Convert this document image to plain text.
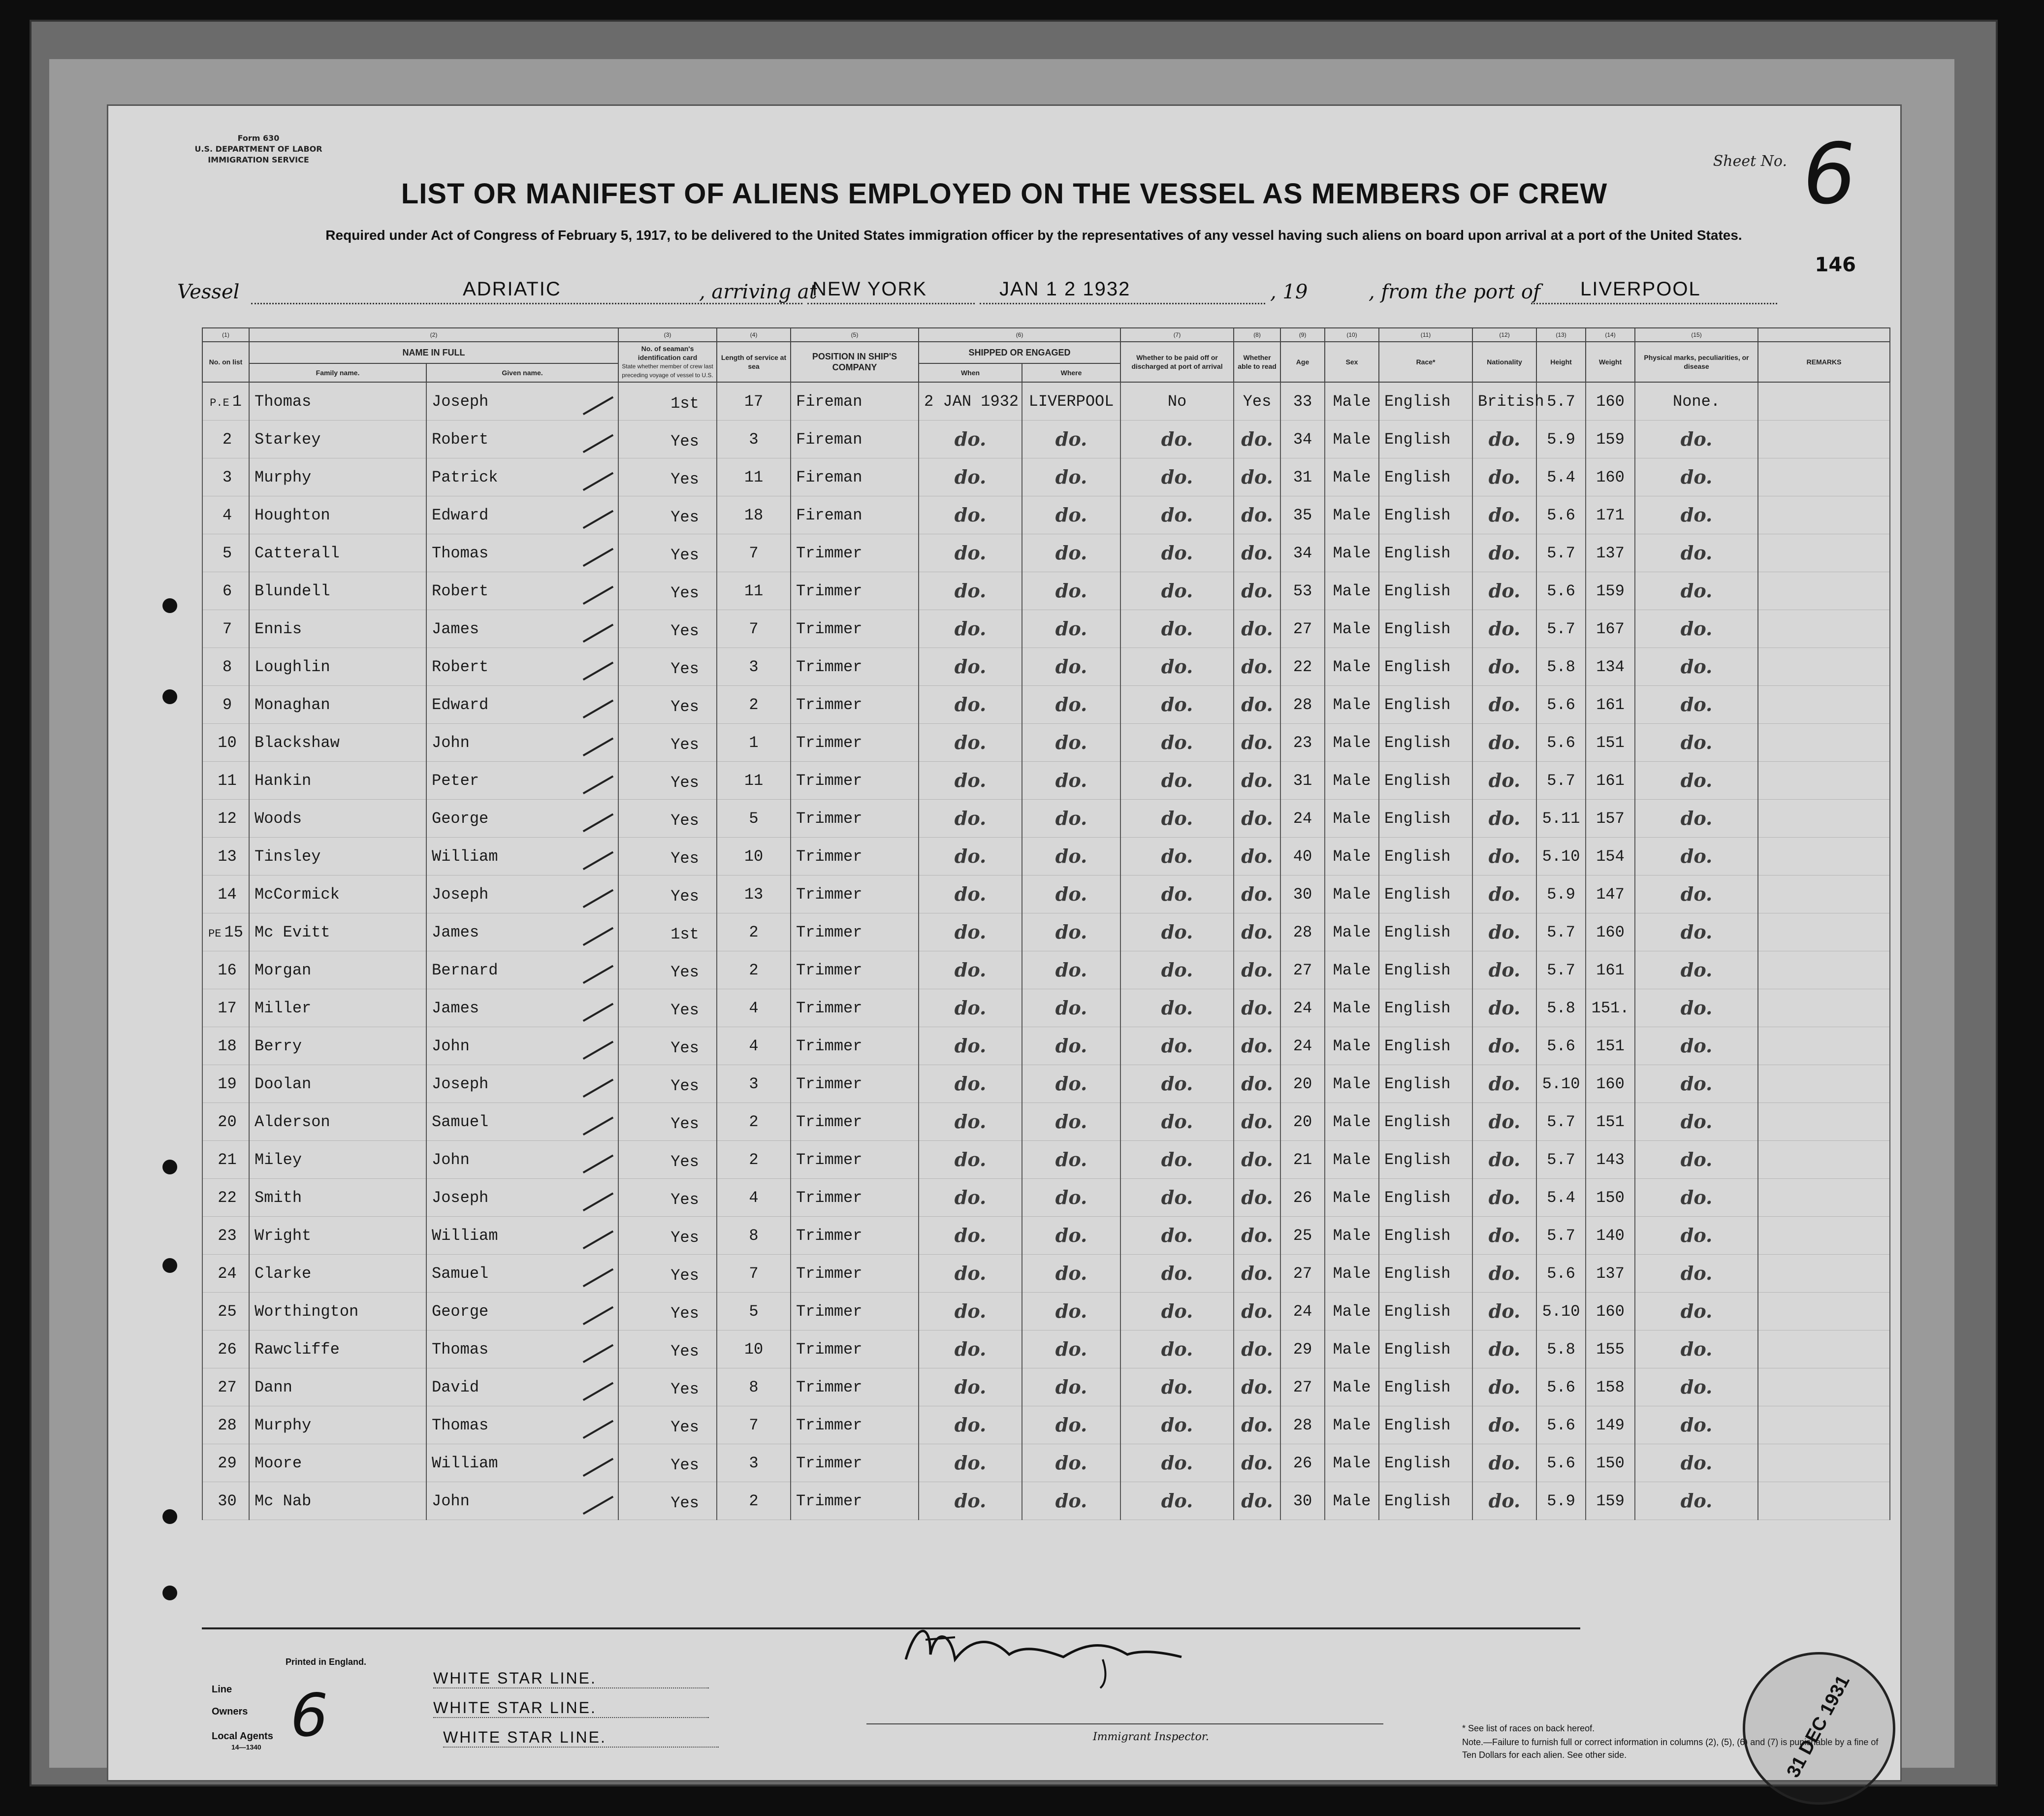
Form 630
U.S. DEPARTMENT OF LABOR
IMMIGRATION SERVICE	Sheet No. 6
146
LIST OR MANIFEST OF ALIENS EMPLOYED ON THE VESSEL AS MEMBERS OF CREW
Required under Act of Congress of February 5, 1917, to be delivered to the United States immigration officer by the representatives of any vessel having such aliens on board upon arrival at a port of the United States.
Vessel	ADRIATIC	, arriving at
NEW YORK	JAN 1 2 1932	, 19	, from the port of LIVERPOOL
(1)	(2)		(3)	(4)	(5)	(6)		(7)	(8)	(9)	(10)	(11)	(12)	(13)	(14)	(15)	
No. on list	NAME IN FULL		No. of seaman's identification card
State whether member of crew last preceding voyage of vessel to U.S.	Length of service at sea	POSITION IN SHIP'S COMPANY	SHIPPED OR ENGAGED		Whether to be paid off or discharged at port of arrival	Whether able to read	Age	Sex	Race*	Nationality	Height	Weight	Physical marks, peculiarities, or disease	REMARKS
	Family name.	Given name.				When	Where										
P.E 1	Thomas	Joseph	1st	17	Fireman	2 JAN 1932	LIVERPOOL	No	Yes	33	Male	English	British	5.7	160	None.	
2	Starkey	Robert	Yes	3	Fireman	do.	do.	do.	do.	34	Male	English	do.	5.9	159	do.	
3	Murphy	Patrick	Yes	11	Fireman	do.	do.	do.	do.	31	Male	English	do.	5.4	160	do.	
4	Houghton	Edward	Yes	18	Fireman	do.	do.	do.	do.	35	Male	English	do.	5.6	171	do.	
5	Catterall	Thomas	Yes	7	Trimmer	do.	do.	do.	do.	34	Male	English	do.	5.7	137	do.	
6	Blundell	Robert	Yes	11	Trimmer	do.	do.	do.	do.	53	Male	English	do.	5.6	159	do.	
7	Ennis	James	Yes	7	Trimmer	do.	do.	do.	do.	27	Male	English	do.	5.7	167	do.	
8	Loughlin	Robert	Yes	3	Trimmer	do.	do.	do.	do.	22	Male	English	do.	5.8	134	do.	
9	Monaghan	Edward	Yes	2	Trimmer	do.	do.	do.	do.	28	Male	English	do.	5.6	161	do.	
10	Blackshaw	John	Yes	1	Trimmer	do.	do.	do.	do.	23	Male	English	do.	5.6	151	do.	
11	Hankin	Peter	Yes	11	Trimmer	do.	do.	do.	do.	31	Male	English	do.	5.7	161	do.	
12	Woods	George	Yes	5	Trimmer	do.	do.	do.	do.	24	Male	English	do.	5.11	157	do.	
13	Tinsley	William	Yes	10	Trimmer	do.	do.	do.	do.	40	Male	English	do.	5.10	154	do.	
14	McCormick	Joseph	Yes	13	Trimmer	do.	do.	do.	do.	30	Male	English	do.	5.9	147	do.	
PE 15	Mc Evitt	James	1st	2	Trimmer	do.	do.	do.	do.	28	Male	English	do.	5.7	160	do.	
16	Morgan	Bernard	Yes	2	Trimmer	do.	do.	do.	do.	27	Male	English	do.	5.7	161	do.	
17	Miller	James	Yes	4	Trimmer	do.	do.	do.	do.	24	Male	English	do.	5.8	151.	do.	
18	Berry	John	Yes	4	Trimmer	do.	do.	do.	do.	24	Male	English	do.	5.6	151	do.	
19	Doolan	Joseph	Yes	3	Trimmer	do.	do.	do.	do.	20	Male	English	do.	5.10	160	do.	
20	Alderson	Samuel	Yes	2	Trimmer	do.	do.	do.	do.	20	Male	English	do.	5.7	151	do.	
21	Miley	John	Yes	2	Trimmer	do.	do.	do.	do.	21	Male	English	do.	5.7	143	do.	
22	Smith	Joseph	Yes	4	Trimmer	do.	do.	do.	do.	26	Male	English	do.	5.4	150	do.	
23	Wright	William	Yes	8	Trimmer	do.	do.	do.	do.	25	Male	English	do.	5.7	140	do.	
24	Clarke	Samuel	Yes	7	Trimmer	do.	do.	do.	do.	27	Male	English	do.	5.6	137	do.	
25	Worthington	George	Yes	5	Trimmer	do.	do.	do.	do.	24	Male	English	do.	5.10	160	do.	
26	Rawcliffe	Thomas	Yes	10	Trimmer	do.	do.	do.	do.	29	Male	English	do.	5.8	155	do.	
27	Dann	David	Yes	8	Trimmer	do.	do.	do.	do.	27	Male	English	do.	5.6	158	do.	
28	Murphy	Thomas	Yes	7	Trimmer	do.	do.	do.	do.	28	Male	English	do.	5.6	149	do.	
29	Moore	William	Yes	3	Trimmer	do.	do.	do.	do.	26	Male	English	do.	5.6	150	do.	
30	Mc Nab	John	Yes	2	Trimmer	do.	do.	do.	do.	30	Male	English	do.	5.9	159	do.	
Printed in England.
Line
Owners
Local Agents
14—1340
WHITE STAR LINE.
WHITE STAR LINE.
WHITE STAR LINE.
6	Immigrant Inspector.
* See list of races on back hereof.
Note.—Failure to furnish full or correct information in columns (2), (5), (6) and (7) is punishable by a fine of Ten Dollars for each alien. See other side.	31 DEC 1931
